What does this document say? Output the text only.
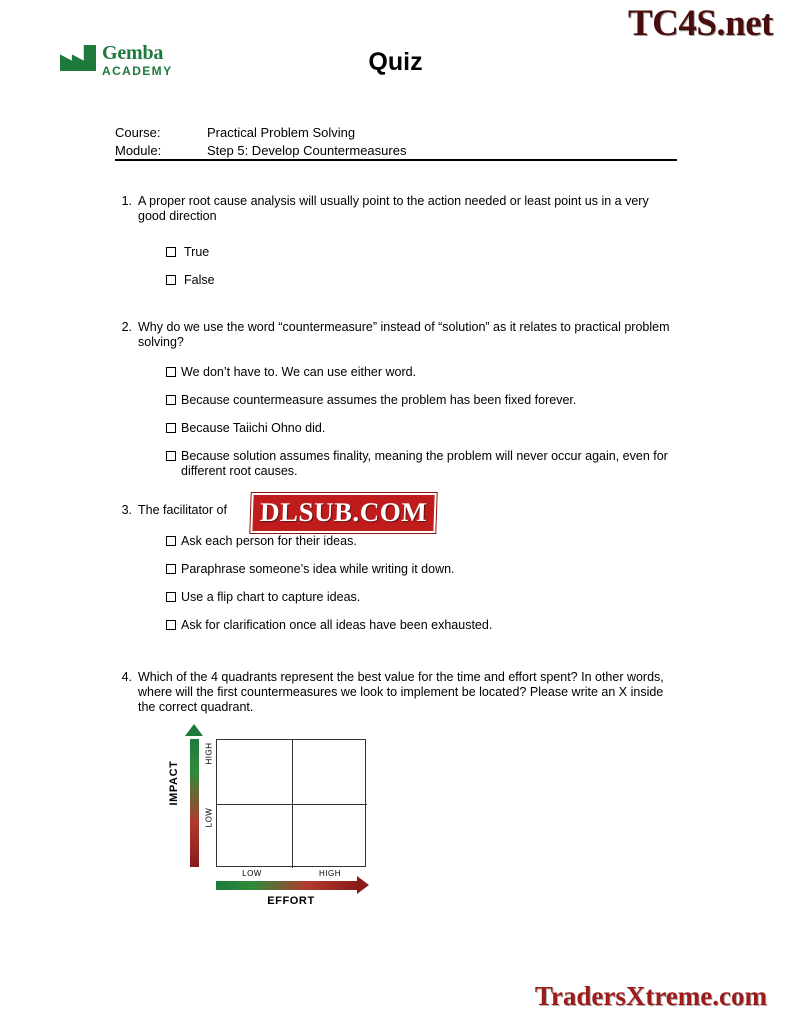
TC4S.net
Gemba
ACADEMY	Quiz
Course:	Practical Problem Solving
Module:	Step 5: Develop Countermeasures
1. A proper root cause analysis will usually point to the action needed or least point us in a very good direction
True
False
2. Why do we use the word “countermeasure” instead of “solution” as it relates to practical problem solving?
We don’t have to. We can use either word.
Because countermeasure assumes the problem has been fixed forever.
Because Taiichi Ohno did.
Because solution assumes finality, meaning the problem will never occur again, even for different root causes.
3. The facilitator of
Ask each person for their ideas.
Paraphrase someone’s idea while writing it down.
Use a flip chart to capture ideas.
Ask for clarification once all ideas have been exhausted.
4. Which of the 4 quadrants represent the best value for the time and effort spent? In other words, where will the first countermeasures we look to implement be located? Please write an X inside the correct quadrant.
IMPACT
EFFORT
HIGH
LOW
LOW	HIGH
DLSUB.COM
TradersXtreme.com
